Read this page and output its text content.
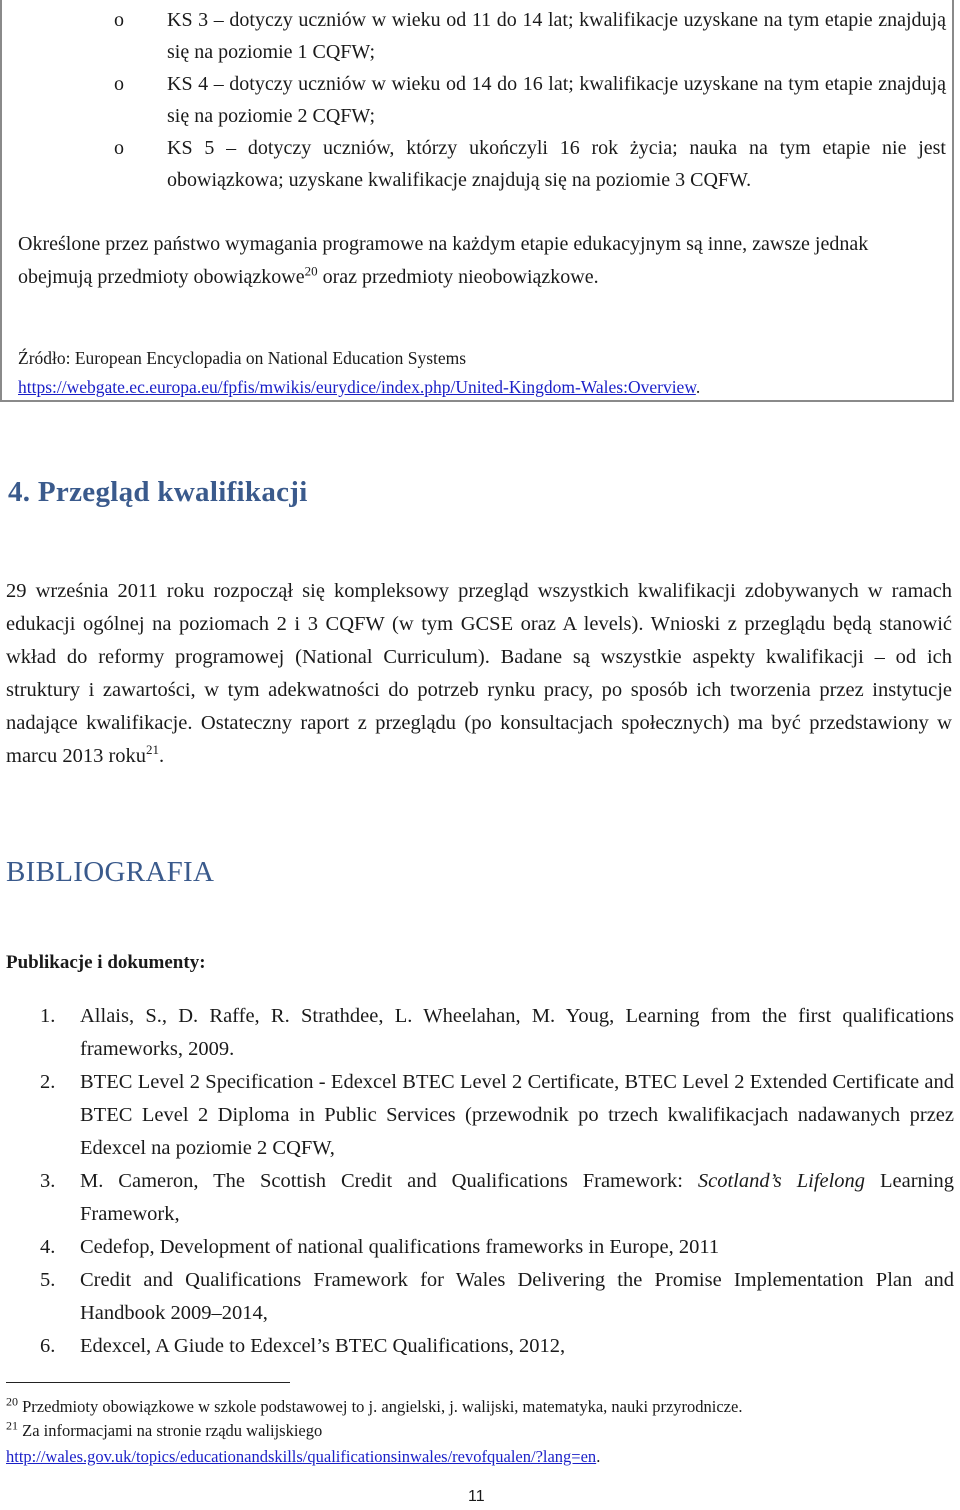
o KS 3 – dotyczy uczniów w wieku od 11 do 14 lat; kwalifikacje uzyskane na tym etapie znajdują się na poziomie 1 CQFW;
o KS 4 – dotyczy uczniów w wieku od 14 do 16 lat; kwalifikacje uzyskane na tym etapie znajdują się na poziomie 2 CQFW;
o KS 5 – dotyczy uczniów, którzy ukończyli 16 rok życia; nauka na tym etapie nie jest obowiązkowa; uzyskane kwalifikacje znajdują się na poziomie 3 CQFW.

Określone przez państwo wymagania programowe na każdym etapie edukacyjnym są inne, zawsze jednak obejmują przedmioty obowiązkowe$^{20}$ oraz przedmioty nieobowiązkowe.

Źródło: European Encyclopadia on National Education Systems
https://webgate.ec.europa.eu/fpfis/mwikis/eurydice/index.php/United-Kingdom-Wales:Overview.

4. Przegląd kwalifikacji

29 września 2011 roku rozpoczął się kompleksowy przegląd wszystkich kwalifikacji zdobywanych w ramach edukacji ogólnej na poziomach 2 i 3 CQFW (w tym GCSE oraz A levels). Wnioski z przeglądu będą stanowić wkład do reformy programowej (National Curriculum). Badane są wszystkie aspekty kwalifikacji – od ich struktury i zawartości, w tym adekwatności do potrzeb rynku pracy, po sposób ich tworzenia przez instytucje nadające kwalifikacje. Ostateczny raport z przeglądu (po konsultacjach społecznych) ma być przedstawiony w marcu 2013 roku$^{21}$.

BIBLIOGRAFIA
Publikacje i dokumenty:
1. Allais, S., D. Raffe, R. Strathdee, L. Wheelahan, M. Youg, Learning from the first qualifications frameworks, 2009.
2. BTEC Level 2 Specification - Edexcel BTEC Level 2 Certificate, BTEC Level 2 Extended Certificate and BTEC Level 2 Diploma in Public Services (przewodnik po trzech kwalifikacjach nadawanych przez Edexcel na poziomie 2 CQFW,
3. M. Cameron, The Scottish Credit and Qualifications Framework: Scotland’s Lifelong Learning Framework,
4. Cedefop, Development of national qualifications frameworks in Europe, 2011
5. Credit and Qualifications Framework for Wales Delivering the Promise Implementation Plan and Handbook 2009–2014,
6. Edexcel, A Giude to Edexcel’s BTEC Qualifications, 2012,
$^{20}$ Przedmioty obowiązkowe w szkole podstawowej to j. angielski, j. walijski, matematyka, nauki przyrodnicze.
$^{21}$ Za informacjami na stronie rządu walijskiego
http://wales.gov.uk/topics/educationandskills/qualificationsinwales/revofqualen/?lang=en.
11
